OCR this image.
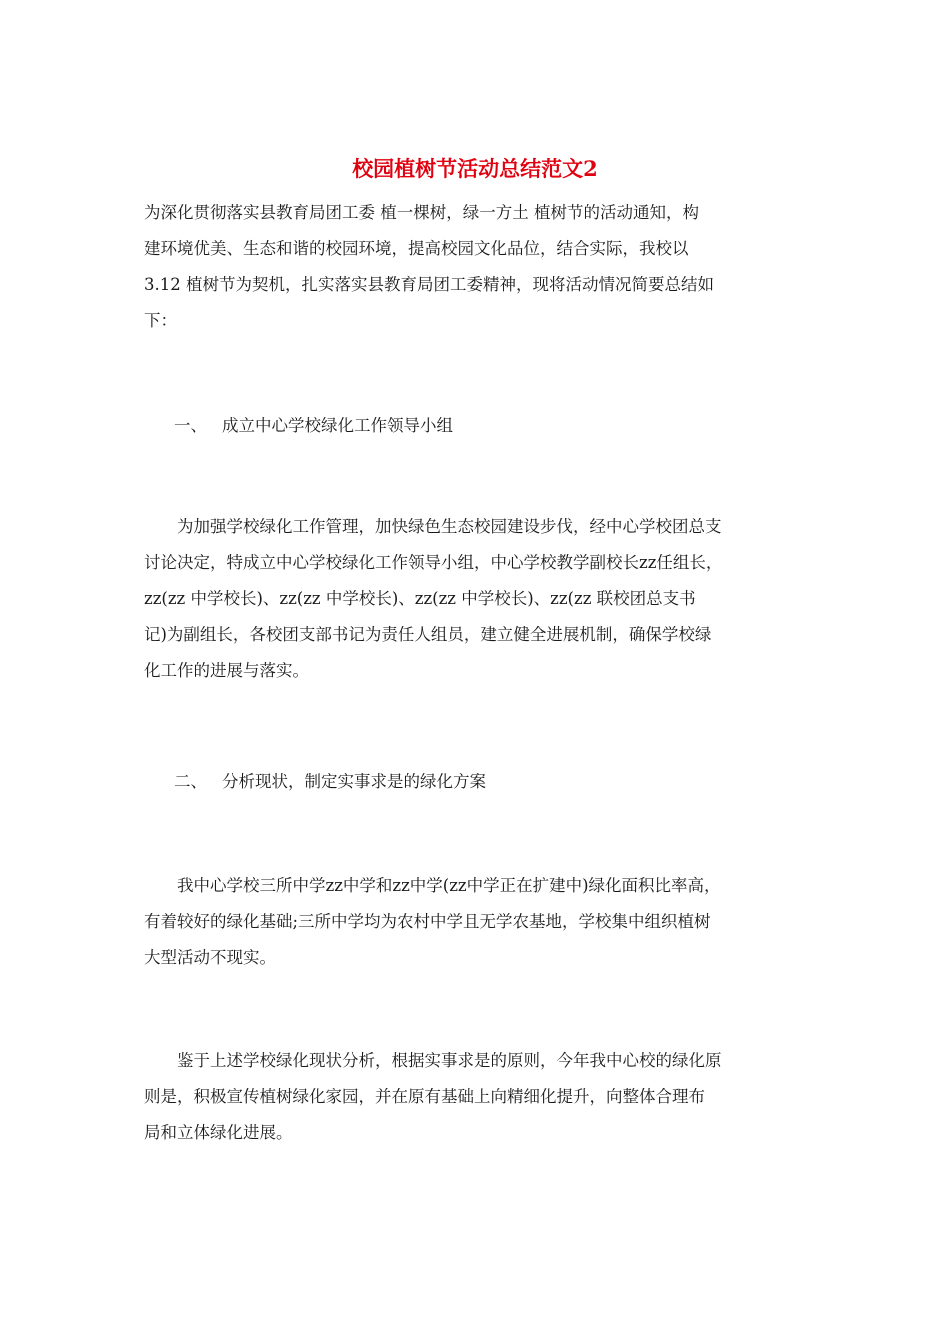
校园植树节活动总结范文2
为深化贯彻落实县教育局团工委 植一棵树，绿一方土 植树节的活动通知，构
建环境优美、生态和谐的校园环境，提高校园文化品位，结合实际，我校以
3.12 植树节为契机，扎实落实县教育局团工委精神，现将活动情况简要总结如
下：
一、 成立中心学校绿化工作领导小组
为加强学校绿化工作管理，加快绿色生态校园建设步伐，经中心学校团总支
讨论决定，特成立中心学校绿化工作领导小组，中心学校教学副校长zz任组长，
zz(zz 中学校长)、zz(zz 中学校长)、zz(zz 中学校长)、zz(zz 联校团总支书
记)为副组长，各校团支部书记为责任人组员，建立健全进展机制，确保学校绿
化工作的进展与落实。
二、 分析现状，制定实事求是的绿化方案
我中心学校三所中学zz中学和zz中学(zz中学正在扩建中)绿化面积比率高，
有着较好的绿化基础;三所中学均为农村中学且无学农基地，学校集中组织植树
大型活动不现实。
鉴于上述学校绿化现状分析，根据实事求是的原则，今年我中心校的绿化原
则是，积极宣传植树绿化家园，并在原有基础上向精细化提升，向整体合理布
局和立体绿化进展。
